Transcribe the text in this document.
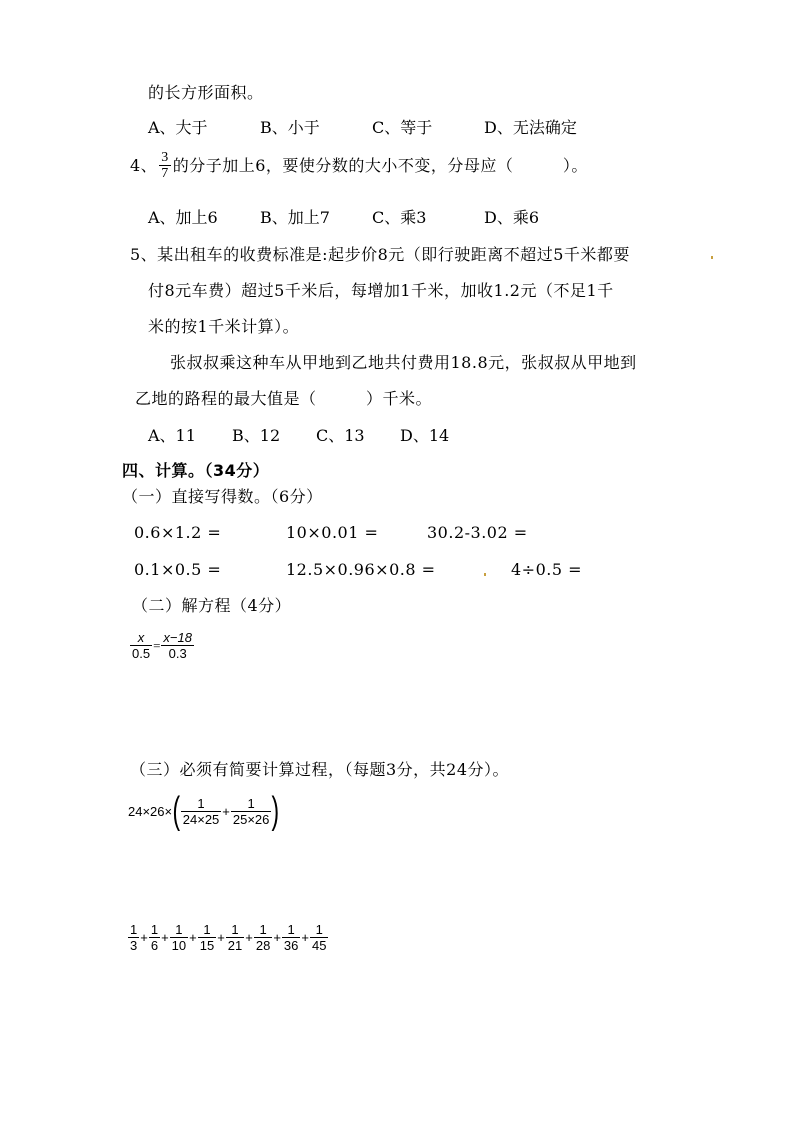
的长方形面积。
A、大于	B、小于	C、等于	D、无法确定
4、 $\frac{3}{7}$ 的分子加上6，要使分数的大小不变，分母应（　　　）。
A、加上6	B、加上7	C、乘3	D、乘6
5、某出租车的收费标准是:起步价8元（即行驶距离不超过5千米都要
付8元车费）超过5千米后，每增加1千米，加收1.2元（不足1千
米的按1千米计算）。
张叔叔乘这种车从甲地到乙地共付费用18.8元，张叔叔从甲地到
乙地的路程的最大值是（　　　）千米。
A、11 B、12 C、13 D、14
四、计算。（34分）
（一）直接写得数。（6分）
0.6×1.2 =	10×0.01 =	30.2-3.02 =
0.1×0.5 =	12.5×0.96×0.8 =	4÷0.5 =
（二）解方程（4分）
$\frac{x}{0.5} = \frac{x-18}{0.3}$
（三）必须有简要计算过程，（每题3分，共24分）。
24×26× ( $\frac{1}{24\times 25} + \frac{1}{25\times 26}$ )
$\frac{1}{3} + \frac{1}{6} + \frac{1}{10} + \frac{1}{15} + \frac{1}{21} + \frac{1}{28} + \frac{1}{36} + \frac{1}{45}$
